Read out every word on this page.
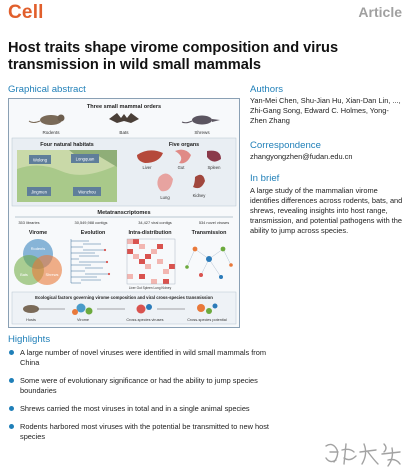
Cell	Article
Host traits shape virome composition and virus transmission in wild small mammals
Graphical abstract
Three small mammal orders
Rodents	Bats	Shrews
Four natural habitats	Five organs
Wolong	Longquan
Jingmen	Wenzhou
Liver	Gut	Spleen
Lung	Kidney
Metatranscriptomes
353 libraries	30,549,988 contigs	34,427 viral contigs	534 novel viruses
Virome	Evolution	Intra-distribution	Transmission
Rodents
Bats	Shrews
Liver Gut Spleen Lung Kidney
Ecological factors governing virome composition and viral cross-species transmission
Hosts	Virome	Cross-species viruses	Cross-species potential
Authors
Yan-Mei Chen, Shu-Jian Hu, Xian-Dan Lin, ..., Zhi-Gang Song, Edward C. Holmes, Yong-Zhen Zhang
Correspondence
zhangyongzhen@fudan.edu.cn
In brief
A large study of the mammalian virome identifies differences across rodents, bats, and shrews, revealing insights into host range, transmission, and potential pathogens with the ability to jump across species.
Highlights
A large number of novel viruses were identified in wild small mammals from China
Some were of evolutionary significance or had the ability to jump species boundaries
Shrews carried the most viruses in total and in a single animal species
Rodents harbored most viruses with the potential be transmitted to new host species
